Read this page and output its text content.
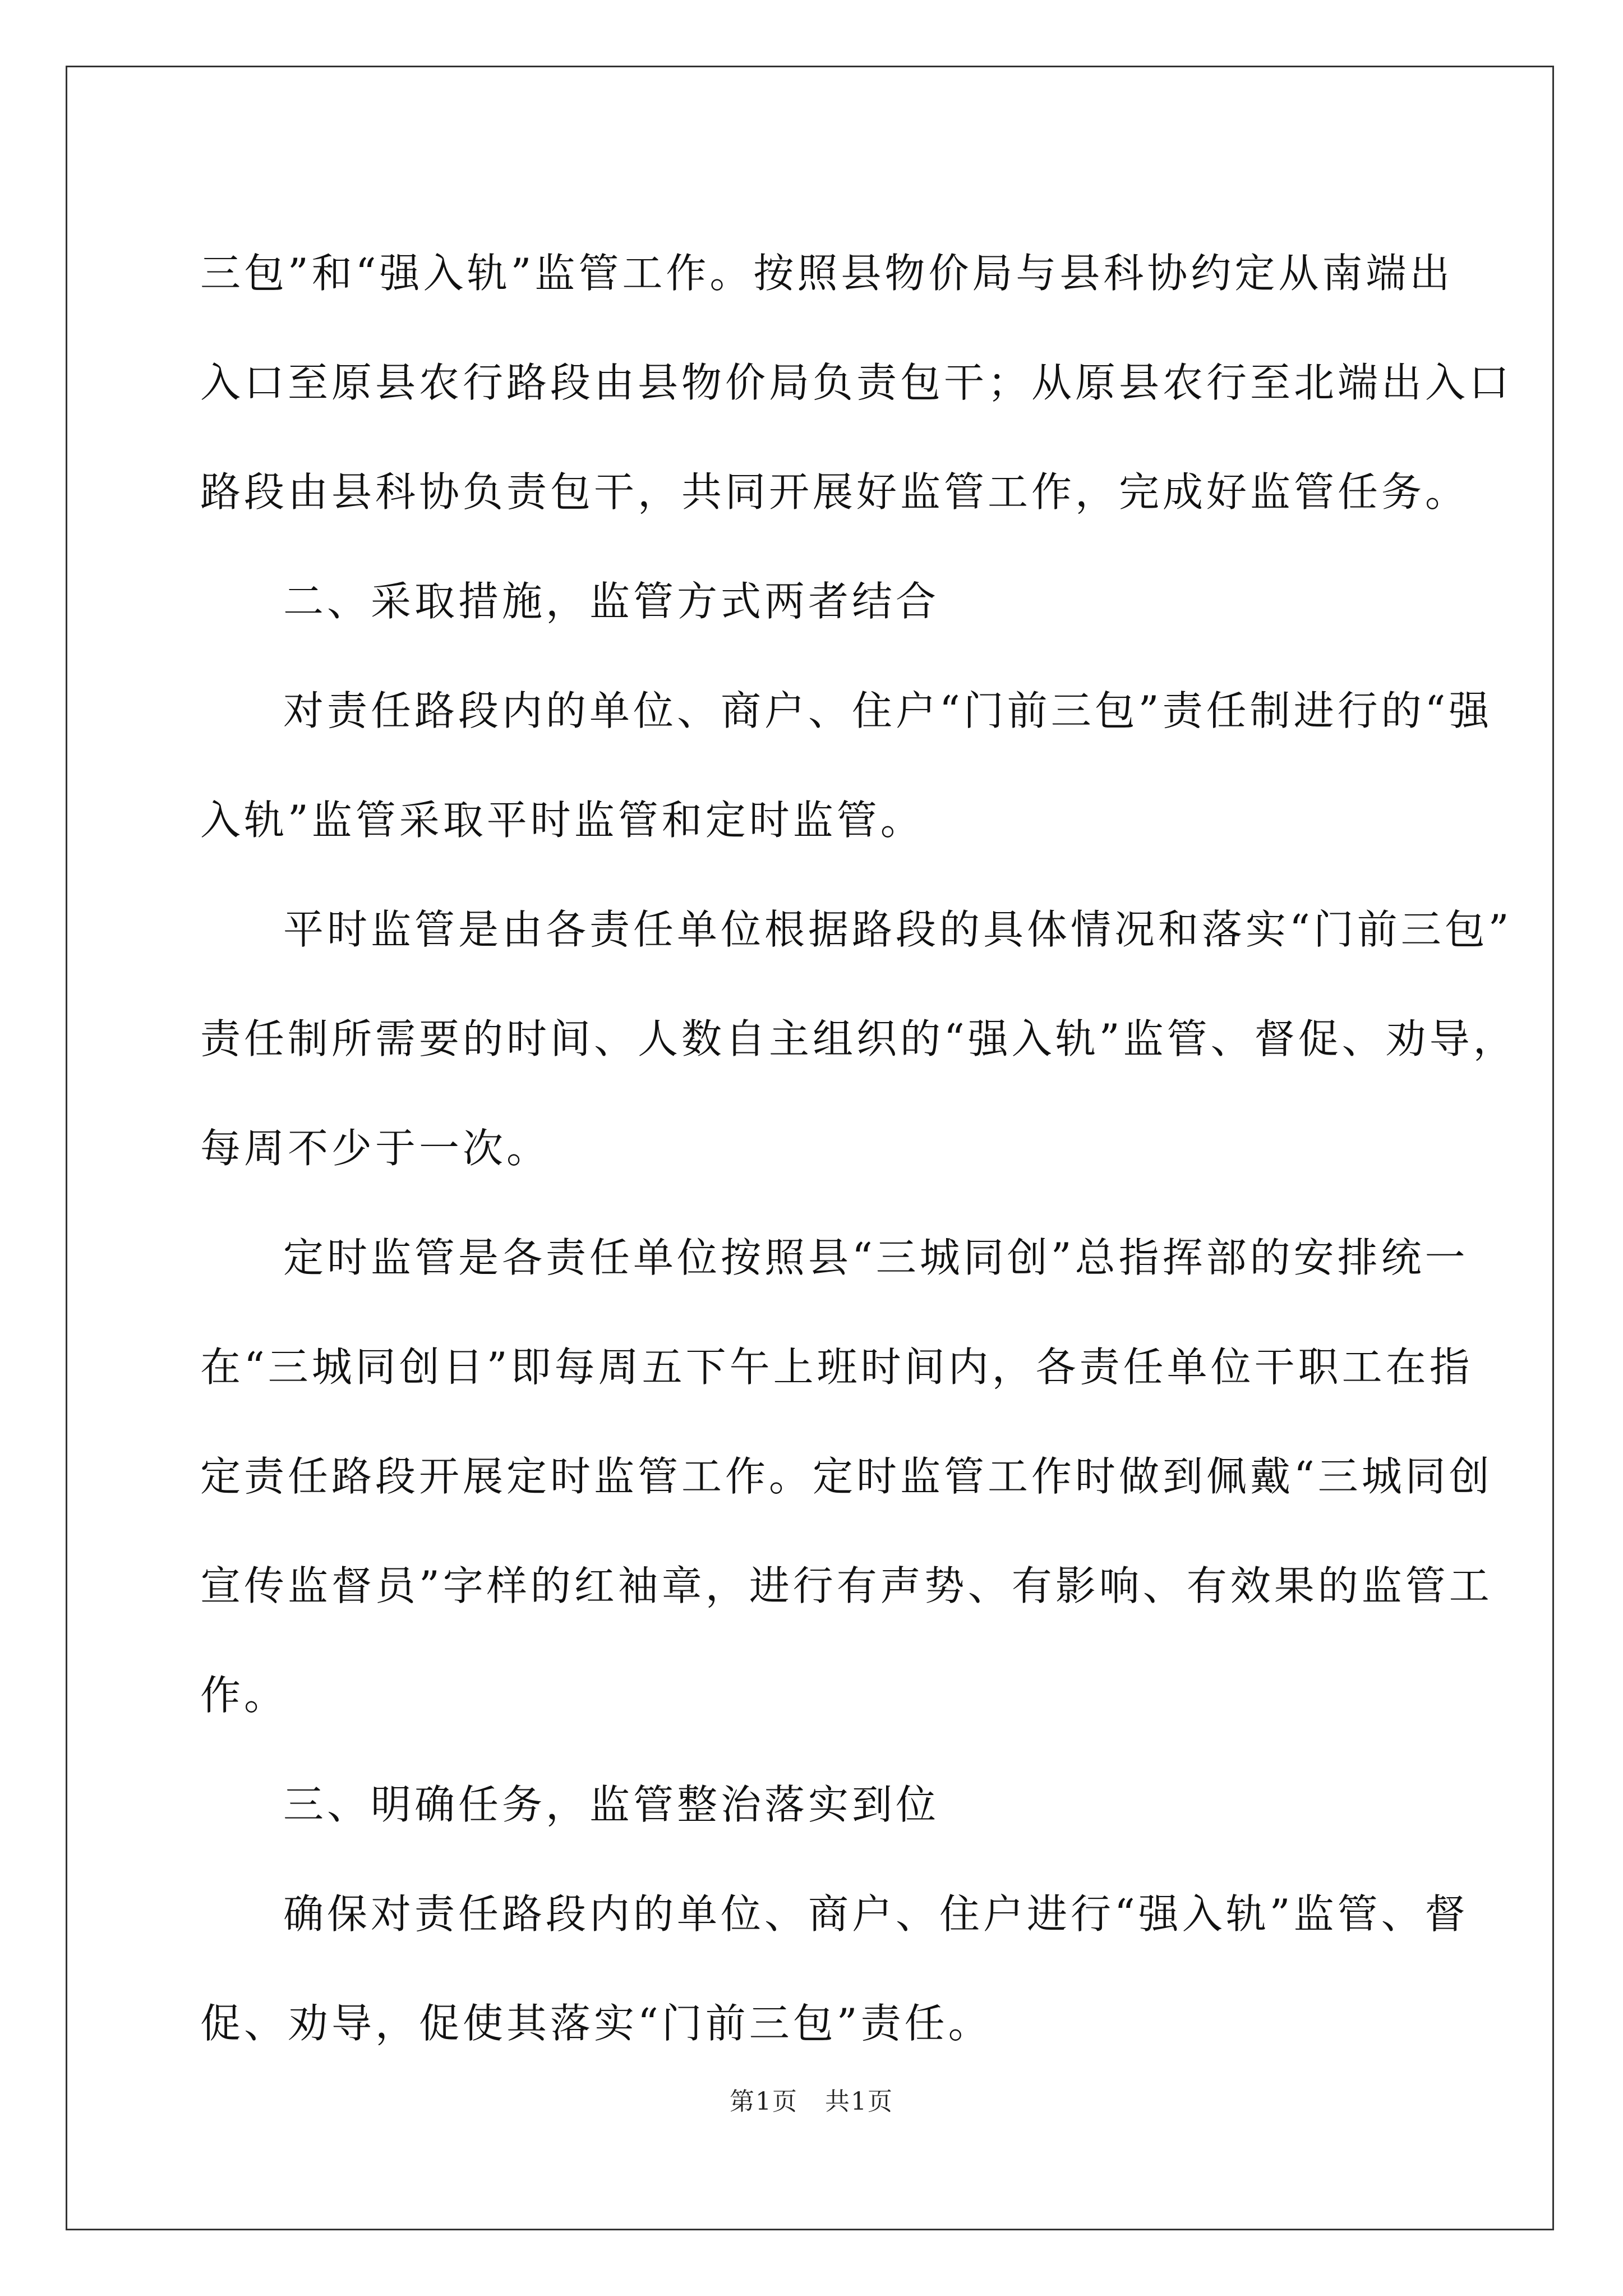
三包”和“强入轨”监管工作。按照县物价局与县科协约定从南端出

入口至原县农行路段由县物价局负责包干；从原县农行至北端出入口

路段由县科协负责包干，共同开展好监管工作，完成好监管任务。

二、采取措施，监管方式两者结合

对责任路段内的单位、商户、住户“门前三包”责任制进行的“强

入轨”监管采取平时监管和定时监管。

平时监管是由各责任单位根据路段的具体情况和落实“门前三包”

责任制所需要的时间、人数自主组织的“强入轨”监管、督促、劝导，

每周不少于一次。

定时监管是各责任单位按照县“三城同创”总指挥部的安排统一

在“三城同创日”即每周五下午上班时间内，各责任单位干职工在指

定责任路段开展定时监管工作。定时监管工作时做到佩戴“三城同创

宣传监督员”字样的红袖章，进行有声势、有影响、有效果的监管工

作。

三、明确任务，监管整治落实到位

确保对责任路段内的单位、商户、住户进行“强入轨”监管、督

促、劝导，促使其落实“门前三包”责任。

第1页 共1页
